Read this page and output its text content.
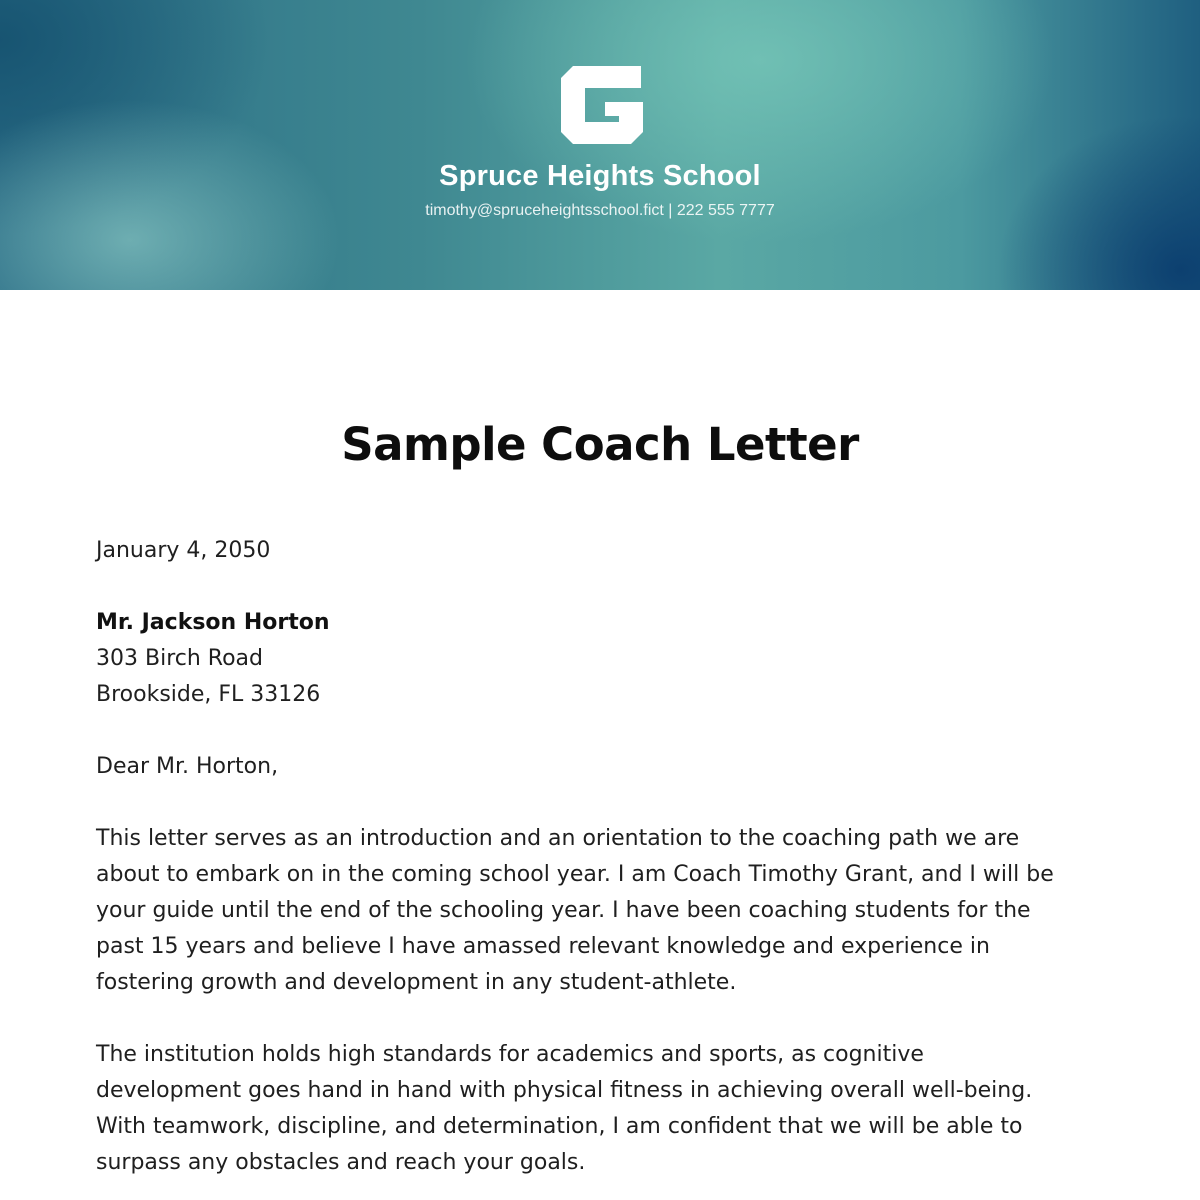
Spruce Heights School
timothy@spruceheightsschool.fict | 222 555 7777
Sample Coach Letter
January 4, 2050
Mr. Jackson Horton
303 Birch Road
Brookside, FL 33126
Dear Mr. Horton,
This letter serves as an introduction and an orientation to the coaching path we are
about to embark on in the coming school year. I am Coach Timothy Grant, and I will be
your guide until the end of the schooling year. I have been coaching students for the
past 15 years and believe I have amassed relevant knowledge and experience in
fostering growth and development in any student-athlete.
The institution holds high standards for academics and sports, as cognitive
development goes hand in hand with physical fitness in achieving overall well-being.
With teamwork, discipline, and determination, I am confident that we will be able to
surpass any obstacles and reach your goals.
